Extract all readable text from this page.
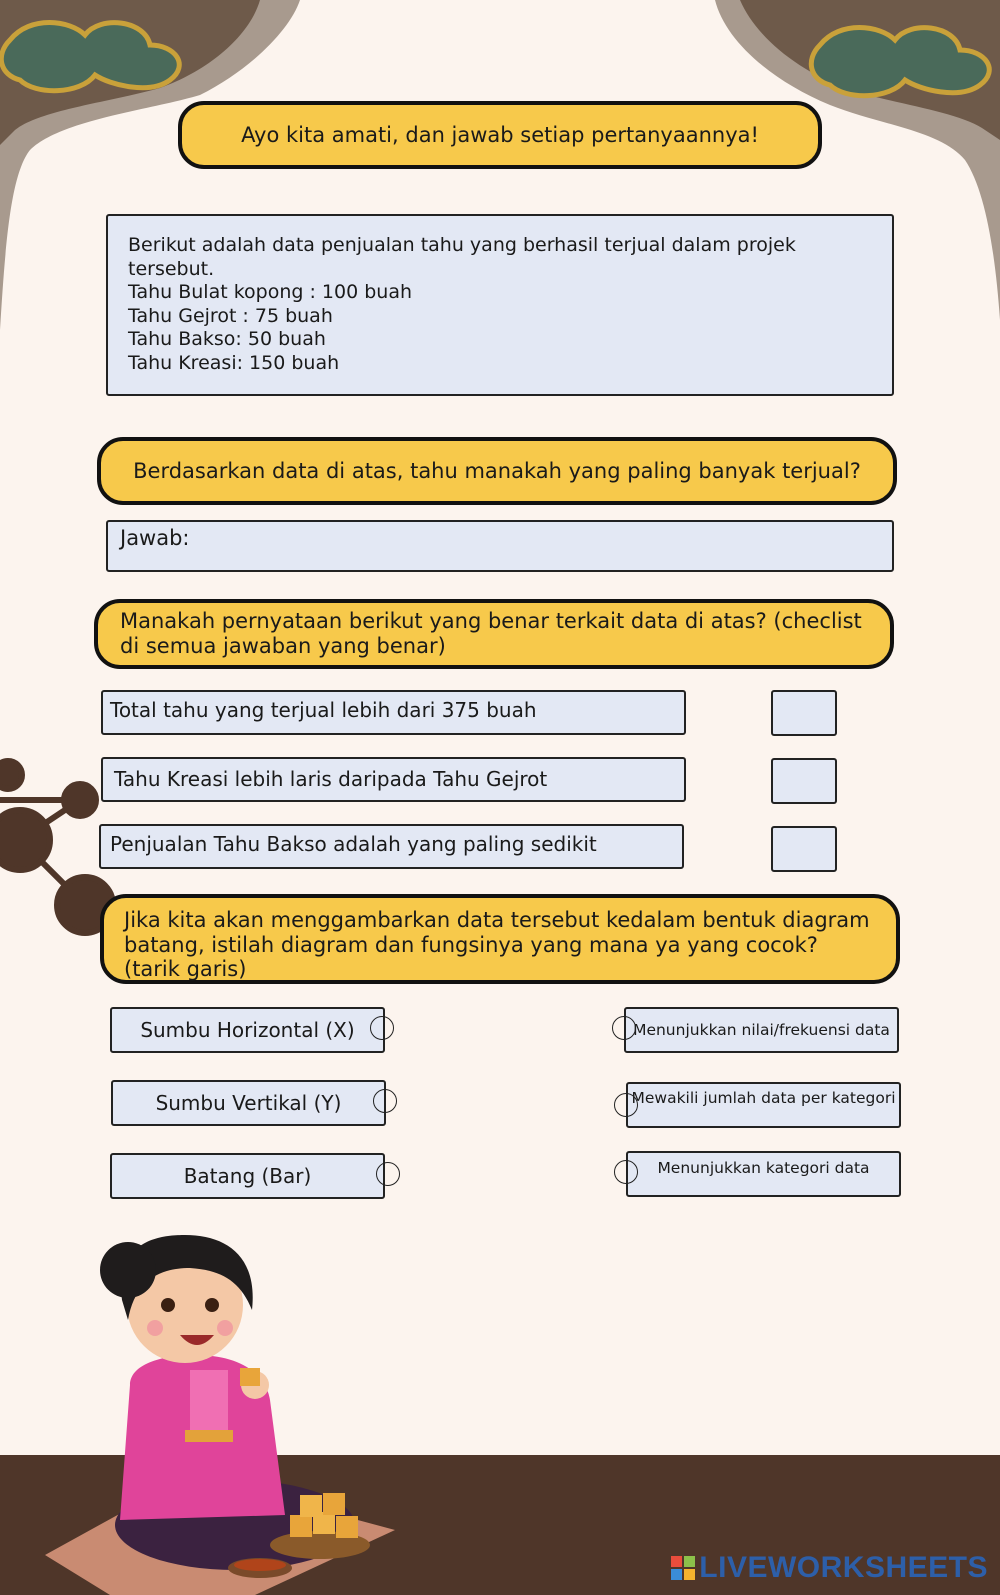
Ayo kita amati, dan jawab setiap pertanyaannya!
Berikut adalah data penjualan tahu yang berhasil terjual dalam projek tersebut.
Tahu Bulat kopong : 100 buah
Tahu Gejrot : 75 buah
Tahu Bakso: 50 buah
Tahu Kreasi: 150 buah
Berdasarkan data di atas, tahu manakah yang paling banyak terjual?
Jawab:
Manakah pernyataan berikut yang benar terkait data di atas? (checlist di semua jawaban yang benar)
Total tahu yang terjual lebih dari 375 buah
Tahu Kreasi lebih laris daripada Tahu Gejrot
Penjualan Tahu Bakso adalah yang paling sedikit
Jika kita akan menggambarkan data tersebut kedalam bentuk diagram batang, istilah diagram dan fungsinya yang mana ya yang cocok? (tarik garis)
Sumbu Horizontal (X)
Sumbu Vertikal (Y)
Batang (Bar)
Menunjukkan nilai/frekuensi data
Mewakili jumlah data per kategori
Menunjukkan kategori data
LIVEWORKSHEETS
